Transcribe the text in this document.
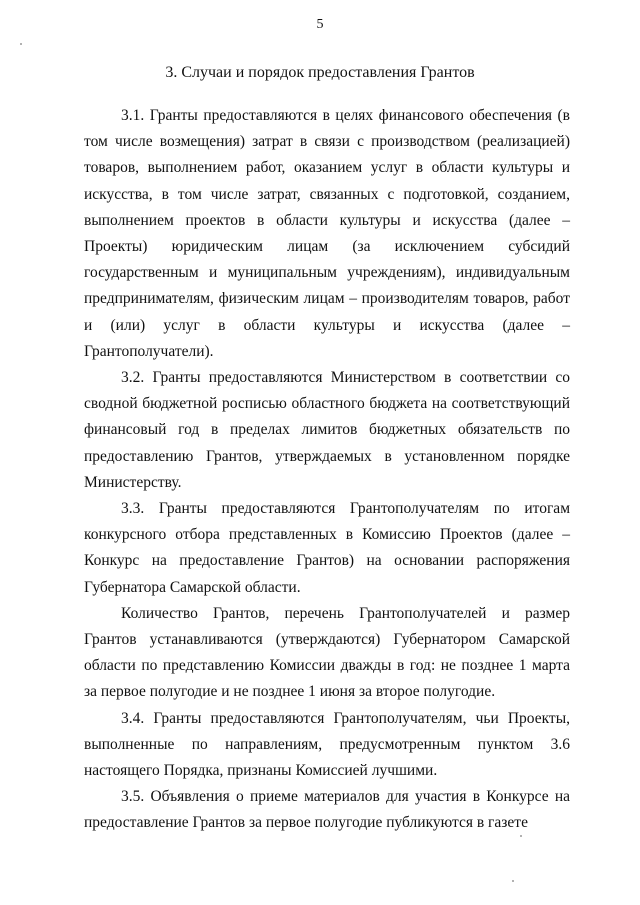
5
3. Случаи и порядок предоставления Грантов

3.1. Гранты предоставляются в целях финансового обеспечения (в том числе возмещения) затрат в связи с производством (реализацией) товаров, выполнением работ, оказанием услуг в области культуры и искусства, в том числе затрат, связанных с подготовкой, созданием, выполнением проектов в области культуры и искусства (далее – Проекты) юридическим лицам (за исключением субсидий государственным и муниципальным учреждениям), индивидуальным предпринимателям, физическим лицам – производителям товаров, работ и (или) услуг в области культуры и искусства (далее – Грантополучатели).

3.2. Гранты предоставляются Министерством в соответствии со сводной бюджетной росписью областного бюджета на соответствующий финансовый год в пределах лимитов бюджетных обязательств по предоставлению Грантов, утверждаемых в установленном порядке Министерству.

3.3. Гранты предоставляются Грантополучателям по итогам конкурсного отбора представленных в Комиссию Проектов (далее – Конкурс на предоставление Грантов) на основании распоряжения Губернатора Самарской области.

Количество Грантов, перечень Грантополучателей и размер Грантов устанавливаются (утверждаются) Губернатором Самарской области по представлению Комиссии дважды в год: не позднее 1 марта за первое полугодие и не позднее 1 июня за второе полугодие.

3.4. Гранты предоставляются Грантополучателям, чьи Проекты, выполненные по направлениям, предусмотренным пунктом 3.6 настоящего Порядка, признаны Комиссией лучшими.

3.5. Объявления о приеме материалов для участия в Конкурсе на предоставление Грантов за первое полугодие публикуются в газете
